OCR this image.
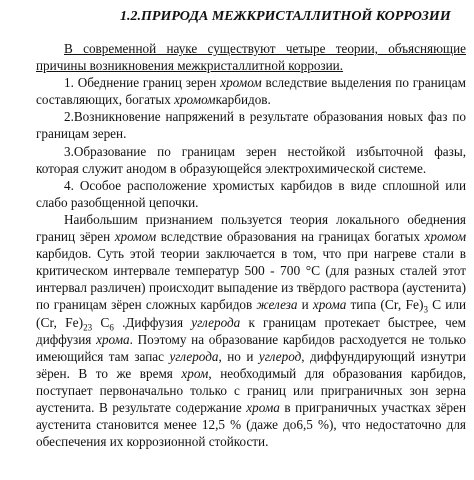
1.2.ПРИРОДА МЕЖКРИСТАЛЛИТНОЙ КОРРОЗИИ

В современной науке существуют четыре теории, объясняющие причины возникновения межкристаллитной коррозии.

1. Обеднение границ зерен хромом вследствие выделения по границам составляющих, богатых хромомкарбидов.

2.Возникновение напряжений в результате образования новых фаз по границам зерен.

3.Образование по границам зерен нестойкой избыточной фазы, которая служит анодом в образующейся электрохимической системе.

4. Особое расположение хромистых карбидов в виде сплошной или слабо разобщенной цепочки.

Наибольшим признанием пользуется теория локального обеднения границ зёрен хромом вследствие образования на границах богатых хромом карбидов. Суть этой теории заключается в том, что при нагреве стали в критическом интервале температур 500 - 700 °С (для разных сталей этот интервал различен) происходит выпадение из твёрдого раствора (аустенита) по границам зёрен сложных карбидов железа и хрома типа (Cr, $Fe)_3$ C или (Cr, $Fe)_{23}$ $C_6$ .Диффузия углерода к границам протекает быстрее, чем диффузия хрома. Поэтому на образование карбидов расходуется не только имеющийся там запас углерода, но и углерод, диффундирующий изнутри зёрен. В то же время хром, необходимый для образования карбидов, поступает первоначально только с границ или приграничных зон зерна аустенита. В результате содержание хрома в приграничных участках зёрен аустенита становится менее 12,5 % (даже до6,5 %), что недостаточно для обеспечения их коррозионной стойкости.
